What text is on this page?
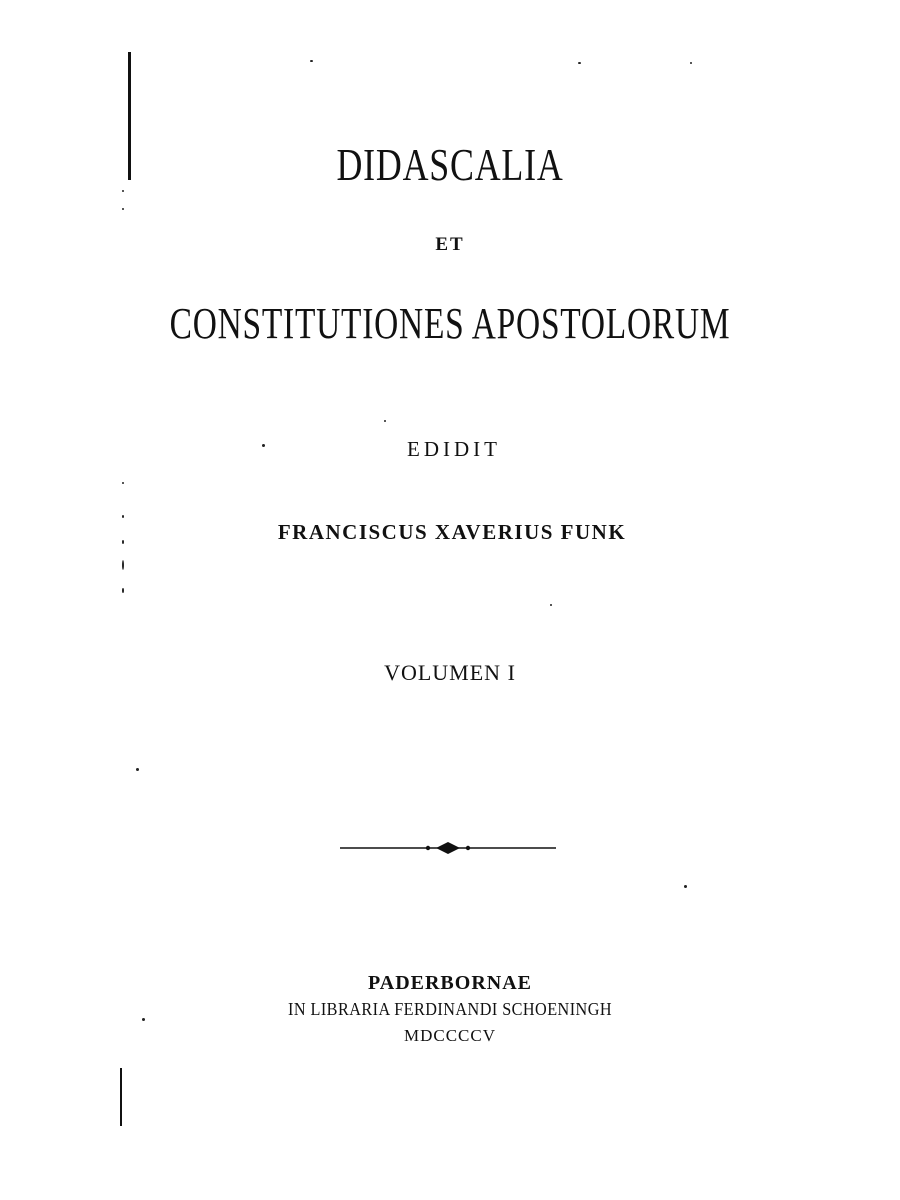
DIDASCALIA
ET
CONSTITUTIONES APOSTOLORUM
EDIDIT
FRANCISCUS XAVERIUS FUNK
VOLUMEN I
PADERBORNAE
IN LIBRARIA FERDINANDI SCHOENINGH
MDCCCCV
